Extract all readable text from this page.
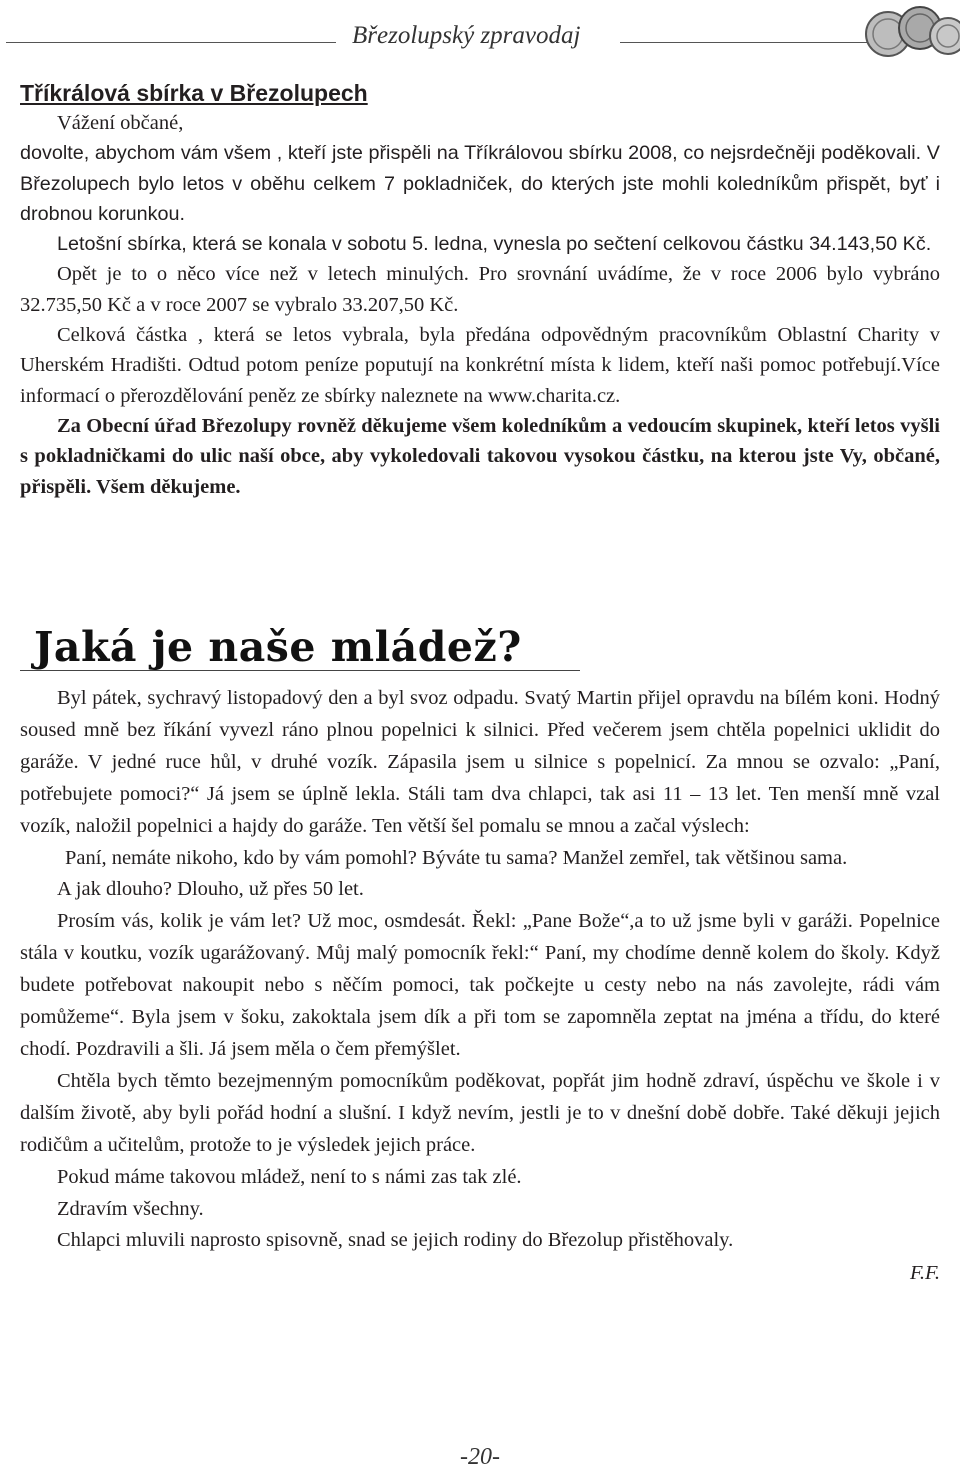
Březolupský zpravodaj
Tříkrálová sbírka v Březolupech

Vážení občané,

dovolte, abychom vám všem , kteří jste přispěli na Tříkrálovou sbírku 2008, co nejsrdečněji poděkovali. V Březolupech bylo letos v oběhu celkem 7 pokladniček, do kterých jste mohli koledníkům přispět, byť i drobnou korunkou.

Letošní sbírka, která se konala v sobotu 5. ledna, vynesla po sečtení celkovou částku 34.143,50 Kč.

Opět je to o něco více než v letech minulých. Pro srovnání uvádíme, že v roce 2006 bylo vybráno 32.735,50 Kč a v roce 2007 se vybralo 33.207,50 Kč.

Celková částka , která se letos vybrala, byla předána odpovědným pracovníkům Oblastní Charity v Uherském Hradišti. Odtud potom peníze poputují na konkrétní místa k lidem, kteří naši pomoc potřebují.Více informací o přerozdělování peněz ze sbírky naleznete na www.charita.cz.

Za Obecní úřad Březolupy rovněž děkujeme všem koledníkům a vedoucím skupinek, kteří letos vyšli s pokladničkami do ulic naší obce, aby vykoledovali takovou vysokou částku, na kterou jste Vy, občané, přispěli. Všem děkujeme.

Jaká je naše mládež?

Byl pátek, sychravý listopadový den a byl svoz odpadu. Svatý Martin přijel opravdu na bílém koni. Hodný soused mně bez říkání vyvezl ráno plnou popelnici k silnici. Před večerem jsem chtěla popelnici uklidit do garáže. V jedné ruce hůl, v druhé vozík. Zápasila jsem u silnice s popelnicí. Za mnou se ozvalo: „Paní, potřebujete pomoci?“ Já jsem se úplně lekla. Stáli tam dva chlapci, tak asi 11 – 13 let. Ten menší mně vzal vozík, naložil popelnici a hajdy do garáže. Ten větší šel pomalu se mnou a začal výslech:

Paní, nemáte nikoho, kdo by vám pomohl? Býváte tu sama? Manžel zemřel, tak většinou sama.

A jak dlouho? Dlouho, už přes 50 let.

Prosím vás, kolik je vám let? Už moc, osmdesát. Řekl: „Pane Bože“,a to už jsme byli v garáži. Popelnice stála v koutku, vozík ugarážovaný. Můj malý pomocník řekl:“ Paní, my chodíme denně kolem do školy. Když budete potřebovat nakoupit nebo s něčím pomoci, tak počkejte u cesty nebo na nás zavolejte, rádi vám pomůžeme“. Byla jsem v šoku, zakoktala jsem dík a při tom se zapomněla zeptat na jména a třídu, do které chodí. Pozdravili a šli. Já jsem měla o čem přemýšlet.

Chtěla bych těmto bezejmenným pomocníkům poděkovat, popřát jim hodně zdraví, úspěchu ve škole i v dalším životě, aby byli pořád hodní a slušní. I když nevím, jestli je to v dnešní době dobře. Také děkuji jejich rodičům a učitelům, protože to je výsledek jejich práce.

Pokud máme takovou mládež, není to s námi zas tak zlé.

Zdravím všechny.

Chlapci mluvili naprosto spisovně, snad se jejich rodiny do Březolup přistěhovaly.

F.F.

-20-
